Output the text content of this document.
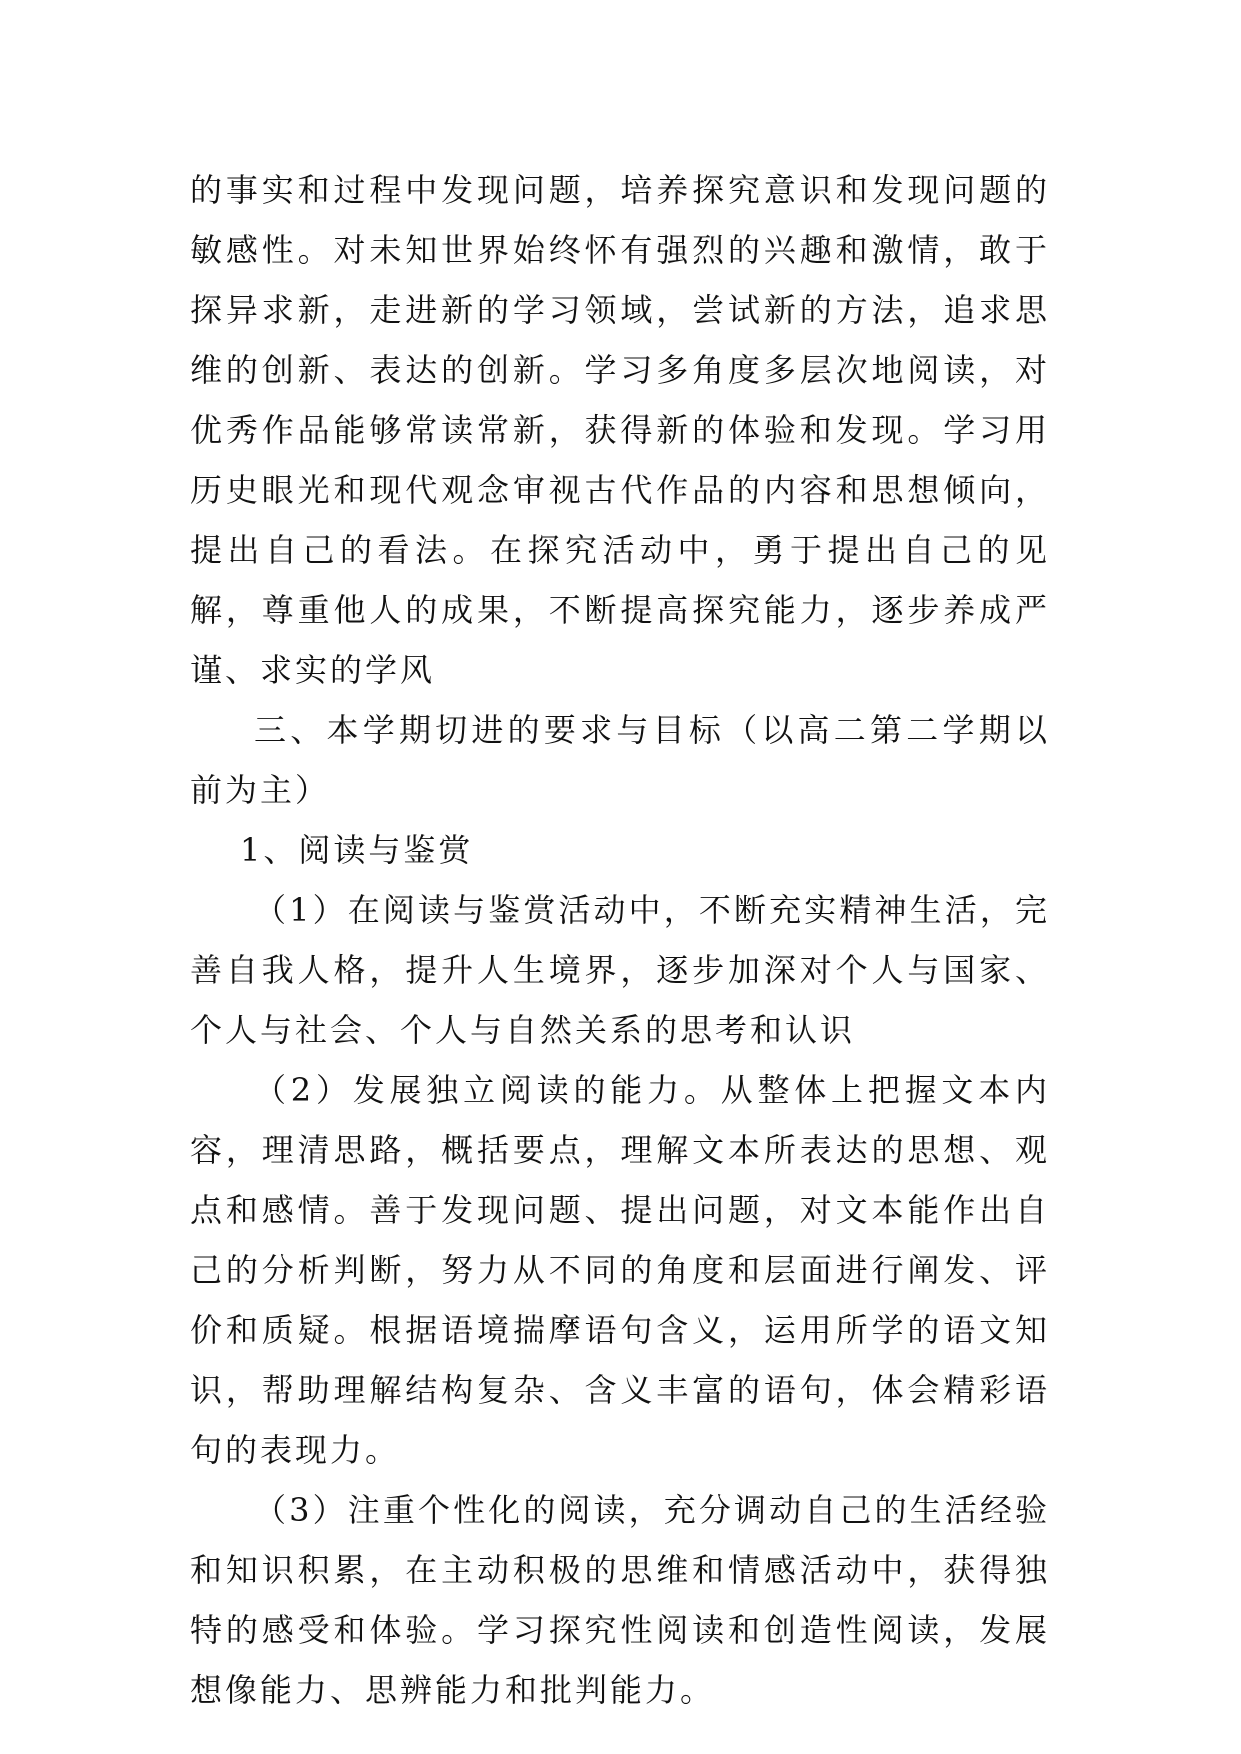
的事实和过程中发现问题，培养探究意识和发现问题的敏感性。对未知世界始终怀有强烈的兴趣和激情，敢于探异求新，走进新的学习领域，尝试新的方法，追求思维的创新、表达的创新。学习多角度多层次地阅读，对优秀作品能够常读常新，获得新的体验和发现。学习用历史眼光和现代观念审视古代作品的内容和思想倾向，提出自己的看法。在探究活动中，勇于提出自己的见解，尊重他人的成果，不断提高探究能力，逐步养成严谨、求实的学风

三、本学期切进的要求与目标（以高二第二学期以前为主）

1、阅读与鉴赏

（1）在阅读与鉴赏活动中，不断充实精神生活，完善自我人格，提升人生境界，逐步加深对个人与国家、个人与社会、个人与自然关系的思考和认识

（2）发展独立阅读的能力。从整体上把握文本内容，理清思路，概括要点，理解文本所表达的思想、观点和感情。善于发现问题、提出问题，对文本能作出自己的分析判断，努力从不同的角度和层面进行阐发、评价和质疑。根据语境揣摩语句含义，运用所学的语文知识，帮助理解结构复杂、含义丰富的语句，体会精彩语句的表现力。

（3）注重个性化的阅读，充分调动自己的生活经验和知识积累，在主动积极的思维和情感活动中，获得独特的感受和体验。学习探究性阅读和创造性阅读，发展想像能力、思辨能力和批判能力。
